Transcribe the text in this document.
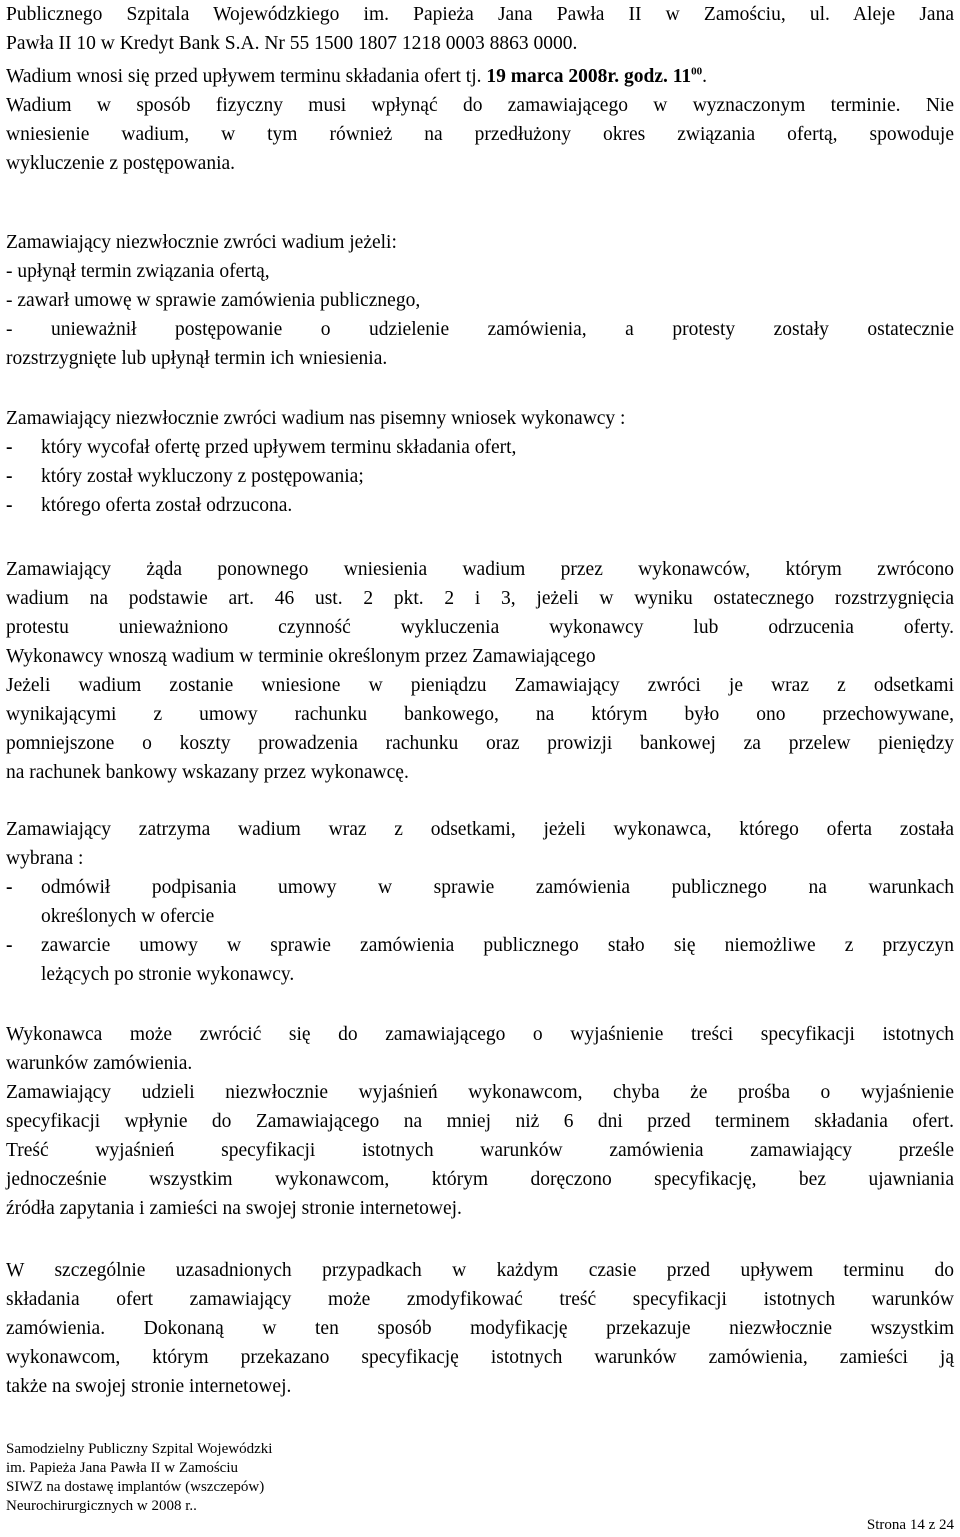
Publicznego Szpitala Wojewódzkiego im. Papieża Jana Pawła II w Zamościu, ul. Aleje Jana
Pawła II 10 w Kredyt Bank S.A. Nr 55 1500 1807 1218 0003 8863 0000.
Wadium wnosi się przed upływem terminu składania ofert tj. 19 marca 2008r. godz. $11^{00}$.
Wadium w sposób fizyczny musi wpłynąć do zamawiającego w wyznaczonym terminie. Nie
wniesienie wadium, w tym również na przedłużony okres związania ofertą, spowoduje
wykluczenie z postępowania.
Zamawiający niezwłocznie zwróci wadium jeżeli:
- upłynął termin związania ofertą,
- zawarł umowę w sprawie zamówienia publicznego,
- unieważnił postępowanie o udzielenie zamówienia, a protesty zostały ostatecznie
rozstrzygnięte lub upłynął termin ich wniesienia.
Zamawiający niezwłocznie zwróci wadium nas pisemny wniosek wykonawcy :
- który wycofał ofertę przed upływem terminu składania ofert,
- który został wykluczony z postępowania;
- którego oferta został odrzucona.
Zamawiający żąda ponownego wniesienia wadium przez wykonawców, którym zwrócono
wadium na podstawie art. 46 ust. 2 pkt. 2 i 3, jeżeli w wyniku ostatecznego rozstrzygnięcia
protestu unieważniono czynność wykluczenia wykonawcy lub odrzucenia oferty.
Wykonawcy wnoszą wadium w terminie określonym przez Zamawiającego
Jeżeli wadium zostanie wniesione w pieniądzu Zamawiający zwróci je wraz z odsetkami
wynikającymi z umowy rachunku bankowego, na którym było ono przechowywane,
pomniejszone o koszty prowadzenia rachunku oraz prowizji bankowej za przelew pieniędzy
na rachunek bankowy wskazany przez wykonawcę.
Zamawiający zatrzyma wadium wraz z odsetkami, jeżeli wykonawca, którego oferta została
wybrana :
- odmówił podpisania umowy w sprawie zamówienia publicznego na warunkach
określonych w ofercie
- zawarcie umowy w sprawie zamówienia publicznego stało się niemożliwe z przyczyn
leżących po stronie wykonawcy.
Wykonawca może zwrócić się do zamawiającego o wyjaśnienie treści specyfikacji istotnych
warunków zamówienia.
Zamawiający udzieli niezwłocznie wyjaśnień wykonawcom, chyba że prośba o wyjaśnienie
specyfikacji wpłynie do Zamawiającego na mniej niż 6 dni przed terminem składania ofert.
Treść wyjaśnień specyfikacji istotnych warunków zamówienia zamawiający prześle
jednocześnie wszystkim wykonawcom, którym doręczono specyfikację, bez ujawniania
źródła zapytania i zamieści na swojej stronie internetowej.
W szczególnie uzasadnionych przypadkach w każdym czasie przed upływem terminu do
składania ofert zamawiający może zmodyfikować treść specyfikacji istotnych warunków
zamówienia. Dokonaną w ten sposób modyfikację przekazuje niezwłocznie wszystkim
wykonawcom, którym przekazano specyfikację istotnych warunków zamówienia, zamieści ją
także na swojej stronie internetowej.
Samodzielny Publiczny Szpital Wojewódzki
im. Papieża Jana Pawła II w Zamościu
SIWZ na dostawę implantów (wszczepów)
Neurochirurgicznych w 2008 r..
Strona 14 z 24
